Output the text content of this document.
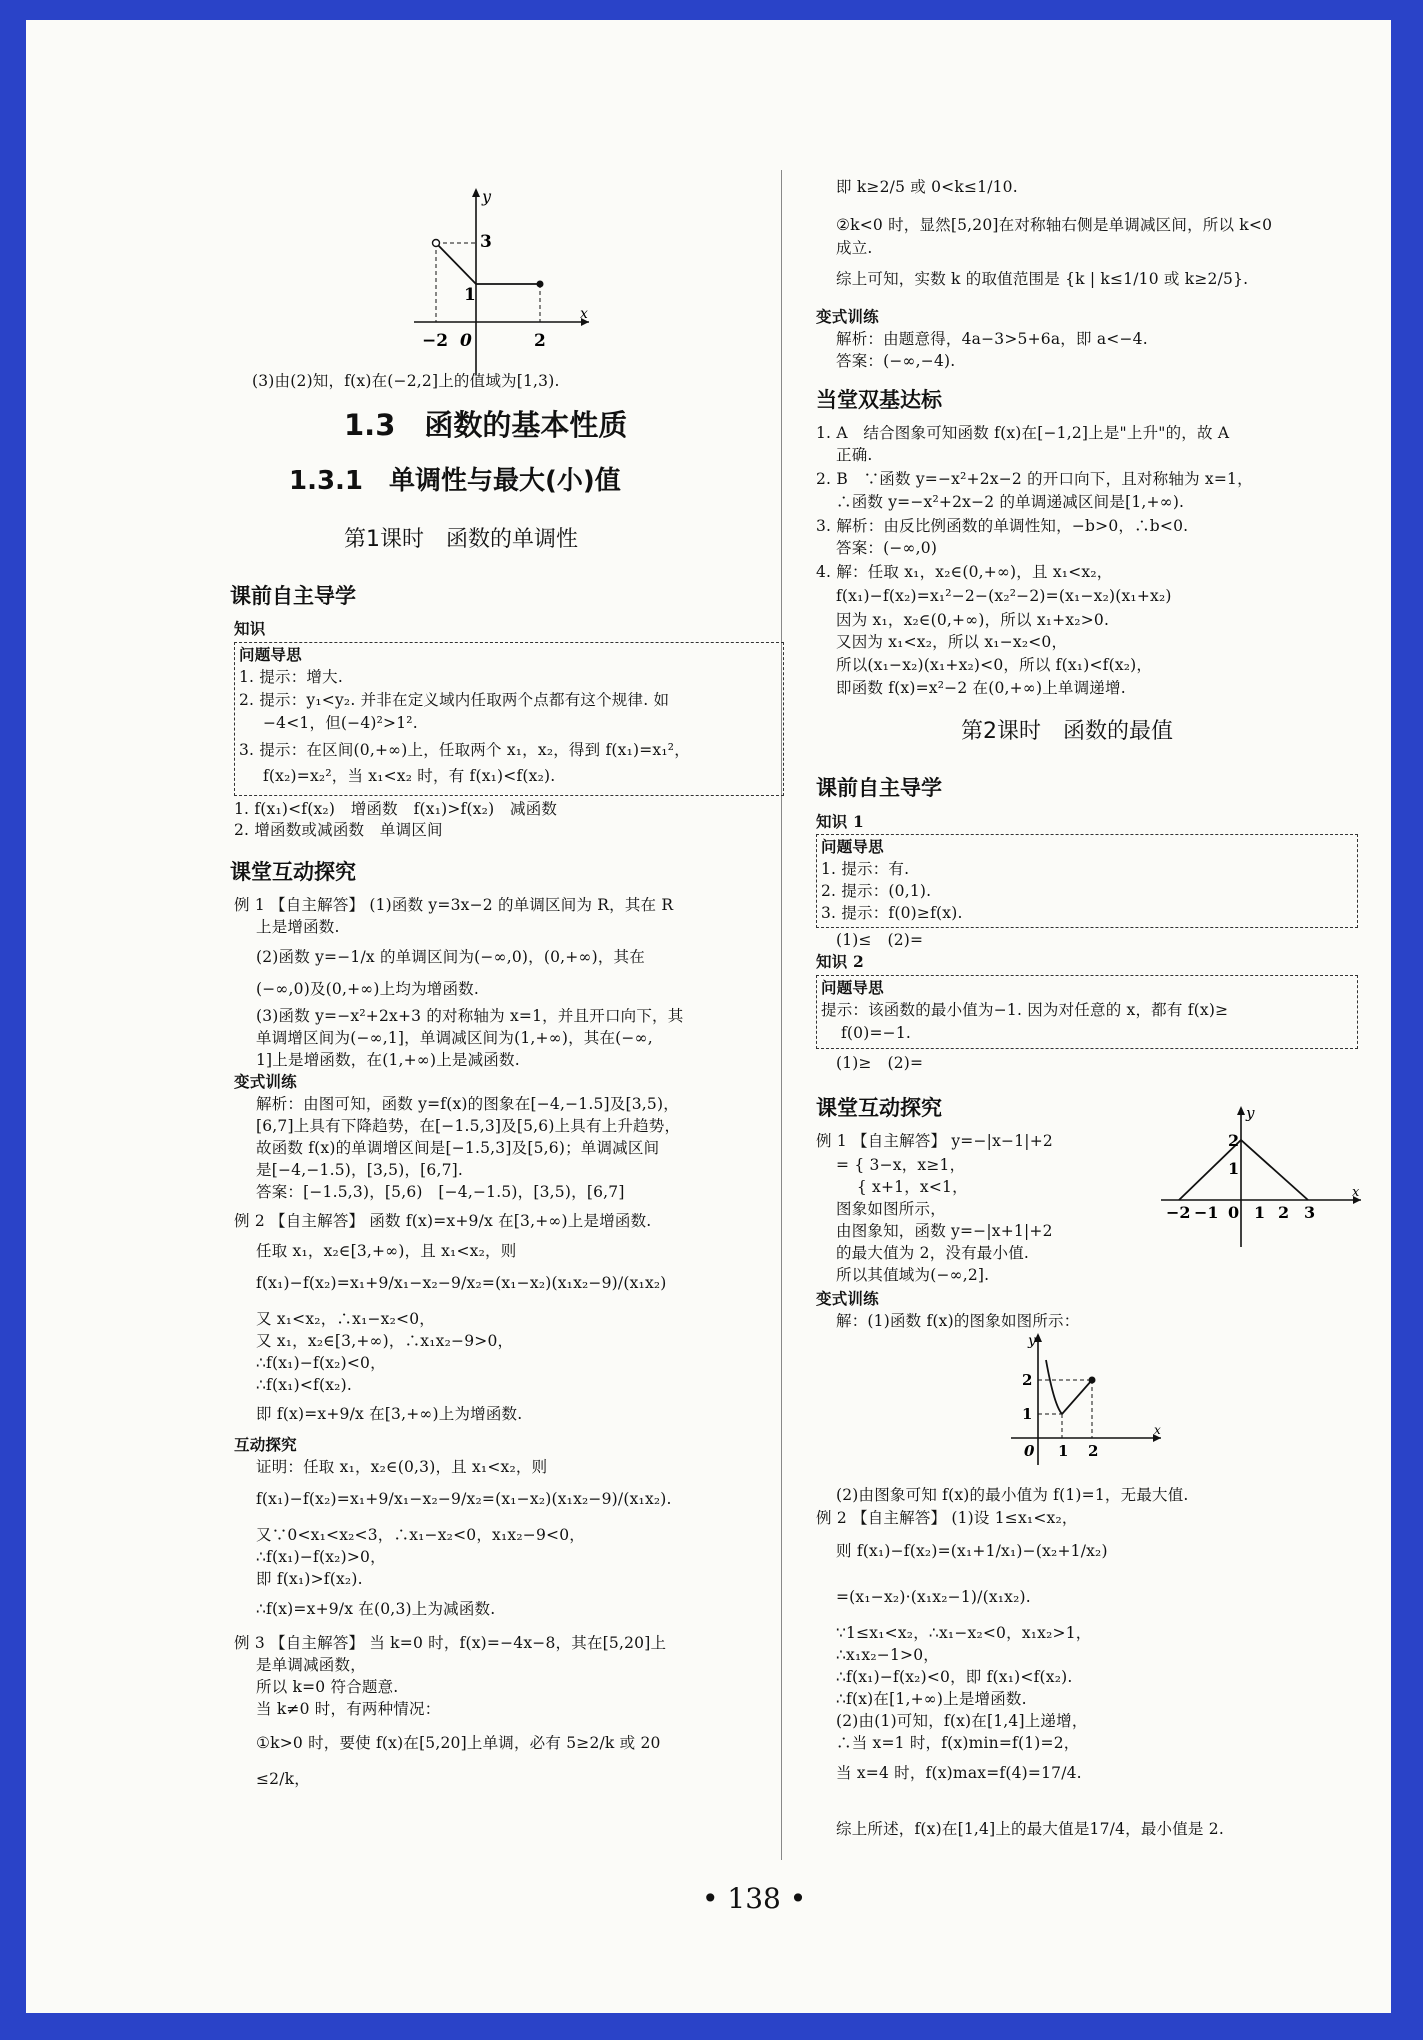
y
x
3
1
−2 0	2
(3)由(2)知，f(x)在(−2,2]上的值域为[1,3).
1.3　函数的基本性质
1.3.1　单调性与最大(小)值
第1课时　函数的单调性
课前自主导学
知识
问题导思
1. 提示：增大.
2. 提示：y₁<y₂. 并非在定义域内任取两个点都有这个规律. 如
−4<1，但(−4)²>1².
3. 提示：在区间(0,+∞)上，任取两个 x₁，x₂，得到 f(x₁)=x₁²，
f(x₂)=x₂²，当 x₁<x₂ 时，有 f(x₁)<f(x₂).
1. f(x₁)<f(x₂)　增函数　f(x₁)>f(x₂)　减函数
2. 增函数或减函数　单调区间
课堂互动探究
例 1 【自主解答】 (1)函数 y=3x−2 的单调区间为 R，其在 R
上是增函数.
(2)函数 y=−1/x 的单调区间为(−∞,0)，(0,+∞)，其在
(−∞,0)及(0,+∞)上均为增函数.
(3)函数 y=−x²+2x+3 的对称轴为 x=1，并且开口向下，其
单调增区间为(−∞,1]，单调减区间为(1,+∞)，其在(−∞,
1]上是增函数，在(1,+∞)上是减函数.
变式训练
解析：由图可知，函数 y=f(x)的图象在[−4,−1.5]及[3,5)，
[6,7]上具有下降趋势，在[−1.5,3]及[5,6)上具有上升趋势，
故函数 f(x)的单调增区间是[−1.5,3]及[5,6)；单调减区间
是[−4,−1.5)，[3,5)，[6,7].
答案：[−1.5,3)，[5,6)　[−4,−1.5)，[3,5)，[6,7]
例 2 【自主解答】 函数 f(x)=x+9/x 在[3,+∞)上是增函数.
任取 x₁，x₂∈[3,+∞)，且 x₁<x₂，则
f(x₁)−f(x₂)=x₁+9/x₁−x₂−9/x₂=(x₁−x₂)(x₁x₂−9)/(x₁x₂)
又 x₁<x₂，∴x₁−x₂<0，
又 x₁，x₂∈[3,+∞)，∴x₁x₂−9>0，
∴f(x₁)−f(x₂)<0，
∴f(x₁)<f(x₂).
即 f(x)=x+9/x 在[3,+∞)上为增函数.
互动探究
证明：任取 x₁，x₂∈(0,3)，且 x₁<x₂，则
f(x₁)−f(x₂)=x₁+9/x₁−x₂−9/x₂=(x₁−x₂)(x₁x₂−9)/(x₁x₂).
又∵0<x₁<x₂<3，∴x₁−x₂<0，x₁x₂−9<0，
∴f(x₁)−f(x₂)>0，
即 f(x₁)>f(x₂).
∴f(x)=x+9/x 在(0,3)上为减函数.
例 3 【自主解答】 当 k=0 时，f(x)=−4x−8，其在[5,20]上
是单调减函数，
所以 k=0 符合题意.
当 k≠0 时，有两种情况：
①k>0 时，要使 f(x)在[5,20]上单调，必有 5≥2/k 或 20
≤2/k，
即 k≥2/5 或 0<k≤1/10.
②k<0 时，显然[5,20]在对称轴右侧是单调减区间，所以 k<0
成立.
综上可知，实数 k 的取值范围是 {k | k≤1/10 或 k≥2/5}.
变式训练
解析：由题意得，4a−3>5+6a，即 a<−4.
答案：(−∞,−4).
当堂双基达标
1. A　结合图象可知函数 f(x)在[−1,2]上是"上升"的，故 A
正确.
2. B　∵函数 y=−x²+2x−2 的开口向下，且对称轴为 x=1，
∴函数 y=−x²+2x−2 的单调递减区间是[1,+∞).
3. 解析：由反比例函数的单调性知，−b>0，∴b<0.
答案：(−∞,0)
4. 解：任取 x₁，x₂∈(0,+∞)，且 x₁<x₂，
f(x₁)−f(x₂)=x₁²−2−(x₂²−2)=(x₁−x₂)(x₁+x₂)
因为 x₁，x₂∈(0,+∞)，所以 x₁+x₂>0.
又因为 x₁<x₂，所以 x₁−x₂<0，
所以(x₁−x₂)(x₁+x₂)<0，所以 f(x₁)<f(x₂)，
即函数 f(x)=x²−2 在(0,+∞)上单调递增.
第2课时　函数的最值
课前自主导学
知识 1
问题导思
1. 提示：有.
2. 提示：(0,1).
3. 提示：f(0)≥f(x).
(1)≤　(2)=
知识 2
问题导思
提示：该函数的最小值为−1. 因为对任意的 x，都有 f(x)≥
f(0)=−1.
(1)≥　(2)=
课堂互动探究
例 1 【自主解答】 y=−|x−1|+2
= { 3−x，x≥1，
　 { x+1，x<1，
图象如图所示，
由图象知，函数 y=−|x+1|+2
的最大值为 2，没有最小值.
所以其值域为(−∞,2].
y
x
2
1
−2 −1 0 1 2 3
变式训练
解：(1)函数 f(x)的图象如图所示：
y
x
2
1
0 1 2
(2)由图象可知 f(x)的最小值为 f(1)=1，无最大值.
例 2 【自主解答】 (1)设 1≤x₁<x₂，
则 f(x₁)−f(x₂)=(x₁+1/x₁)−(x₂+1/x₂)
=(x₁−x₂)·(x₁x₂−1)/(x₁x₂).
∵1≤x₁<x₂，∴x₁−x₂<0，x₁x₂>1，
∴x₁x₂−1>0，
∴f(x₁)−f(x₂)<0，即 f(x₁)<f(x₂).
∴f(x)在[1,+∞)上是增函数.
(2)由(1)可知，f(x)在[1,4]上递增，
∴当 x=1 时，f(x)min=f(1)=2，
当 x=4 时，f(x)max=f(4)=17/4.
综上所述，f(x)在[1,4]上的最大值是17/4，最小值是 2.
• 138 •
